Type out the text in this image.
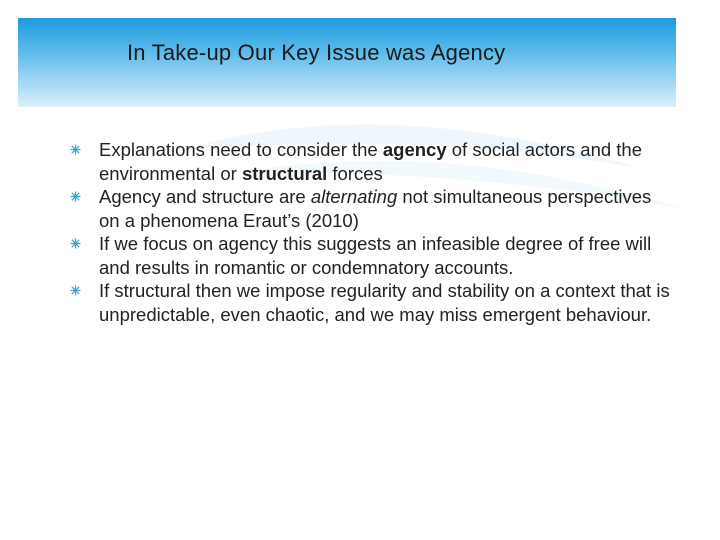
In Take-up Our Key Issue was Agency
Explanations need to consider the agency of social actors and the environmental or structural forces
Agency and structure are alternating not simultaneous perspectives on a phenomena Eraut’s (2010)
If we focus on agency this suggests an infeasible degree of free will and results in romantic or condemnatory accounts.
If structural then we impose regularity and stability on a context that is unpredictable, even chaotic, and we may miss emergent behaviour.
